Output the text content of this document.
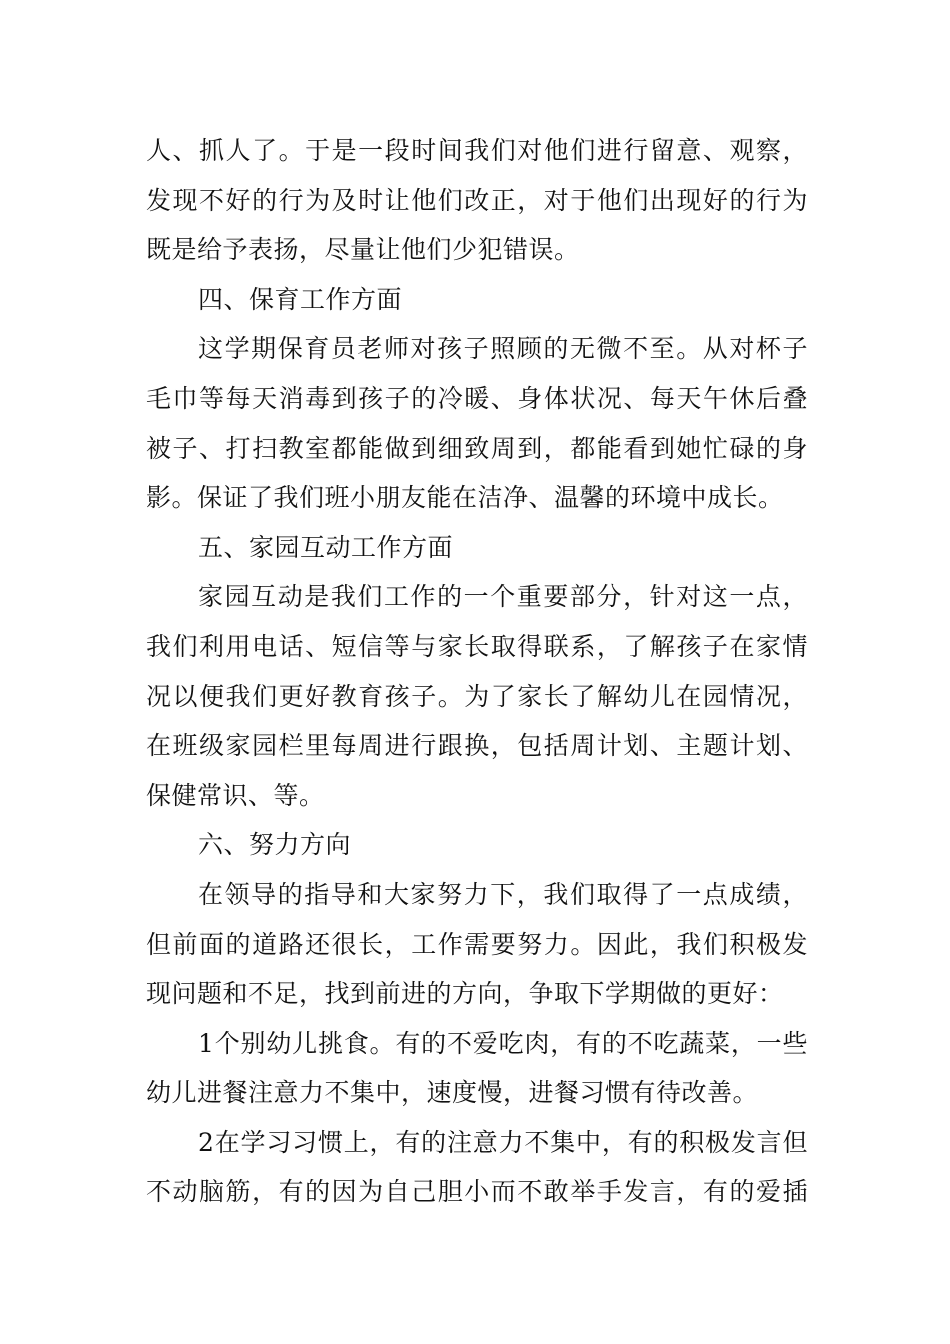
人、抓人了。于是一段时间我们对他们进行留意、观察，
发现不好的行为及时让他们改正，对于他们出现好的行为
既是给予表扬，尽量让他们少犯错误。
四、保育工作方面
这学期保育员老师对孩子照顾的无微不至。从对杯子
毛巾等每天消毒到孩子的冷暖、身体状况、每天午休后叠
被子、打扫教室都能做到细致周到，都能看到她忙碌的身
影。保证了我们班小朋友能在洁净、温馨的环境中成长。
五、家园互动工作方面
家园互动是我们工作的一个重要部分，针对这一点，
我们利用电话、短信等与家长取得联系，了解孩子在家情
况以便我们更好教育孩子。为了家长了解幼儿在园情况，
在班级家园栏里每周进行跟换，包括周计划、主题计划、
保健常识、等。
六、努力方向
在领导的指导和大家努力下，我们取得了一点成绩，
但前面的道路还很长，工作需要努力。因此，我们积极发
现问题和不足，找到前进的方向，争取下学期做的更好：
1个别幼儿挑食。有的不爱吃肉，有的不吃蔬菜，一些
幼儿进餐注意力不集中，速度慢，进餐习惯有待改善。
2在学习习惯上，有的注意力不集中，有的积极发言但
不动脑筋，有的因为自己胆小而不敢举手发言，有的爱插
